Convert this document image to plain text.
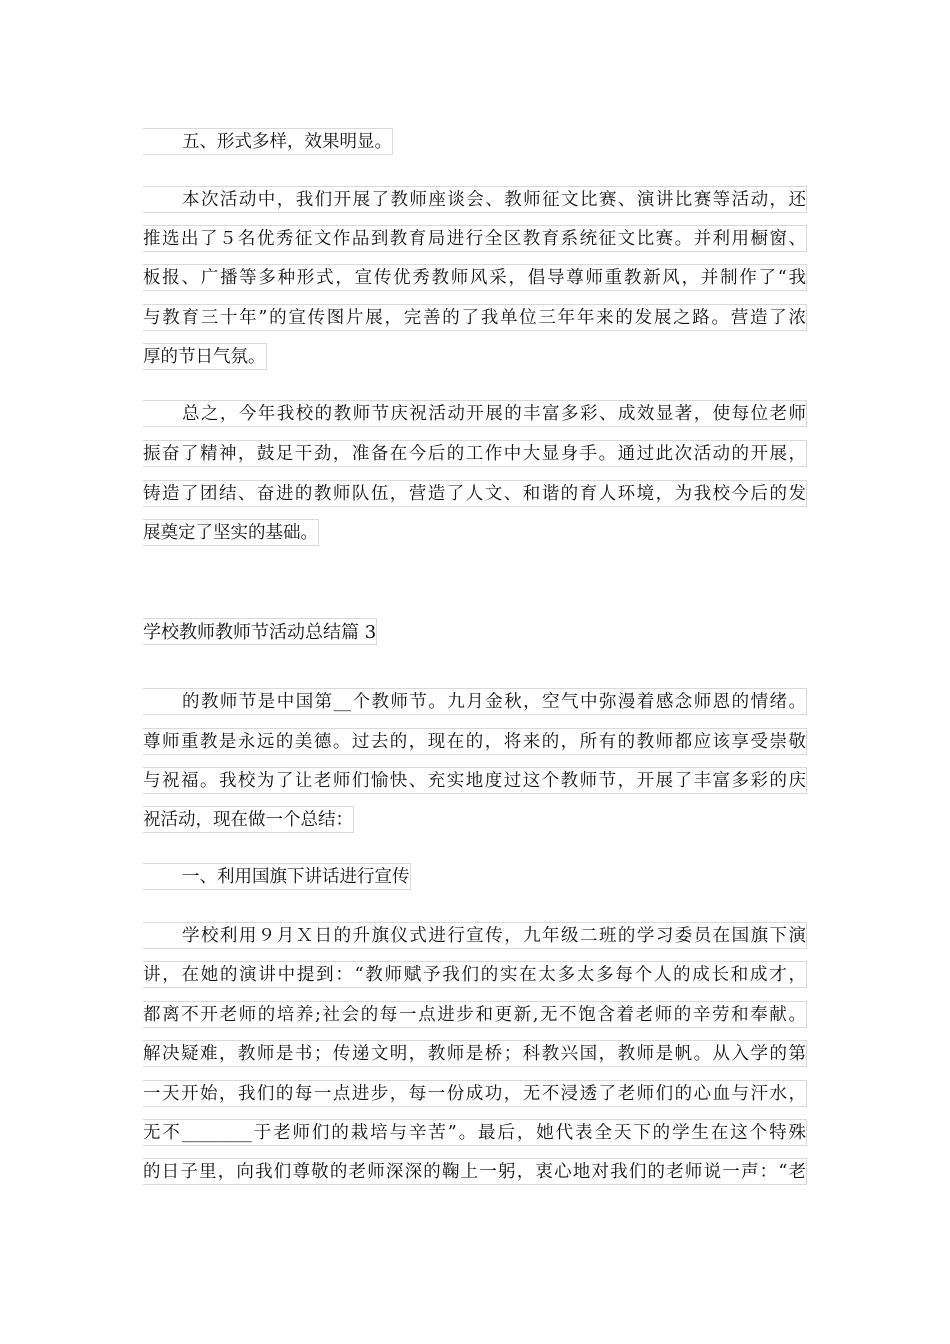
五、形式多样，效果明显。
本次活动中，我们开展了教师座谈会、教师征文比赛、演讲比赛等活动，还
推选出了５名优秀征文作品到教育局进行全区教育系统征文比赛。并利用橱窗、
板报、广播等多种形式，宣传优秀教师风采，倡导尊师重教新风，并制作了“我
与教育三十年”的宣传图片展，完善的了我单位三年年来的发展之路。营造了浓
厚的节日气氛。
总之，今年我校的教师节庆祝活动开展的丰富多彩、成效显著，使每位老师
振奋了精神，鼓足干劲，准备在今后的工作中大显身手。通过此次活动的开展，
铸造了团结、奋进的教师队伍，营造了人文、和谐的育人环境，为我校今后的发
展奠定了坚实的基础。
学校教师教师节活动总结篇 3
的教师节是中国第__个教师节。九月金秋，空气中弥漫着感念师恩的情绪。
尊师重教是永远的美德。过去的，现在的，将来的，所有的教师都应该享受崇敬
与祝福。我校为了让老师们愉快、充实地度过这个教师节，开展了丰富多彩的庆
祝活动，现在做一个总结：
一、利用国旗下讲话进行宣传
学校利用９月Ｘ日的升旗仪式进行宣传，九年级二班的学习委员在国旗下演
讲，在她的演讲中提到：“教师赋予我们的实在太多太多每个人的成长和成才，
都离不开老师的培养;社会的每一点进步和更新,无不饱含着老师的辛劳和奉献。
解决疑难，教师是书；传递文明，教师是桥；科教兴国，教师是帆。从入学的第
一天开始，我们的每一点进步，每一份成功，无不浸透了老师们的心血与汗水，
无不________于老师们的栽培与辛苦”。最后，她代表全天下的学生在这个特殊
的日子里，向我们尊敬的老师深深的鞠上一躬，衷心地对我们的老师说一声：“老
